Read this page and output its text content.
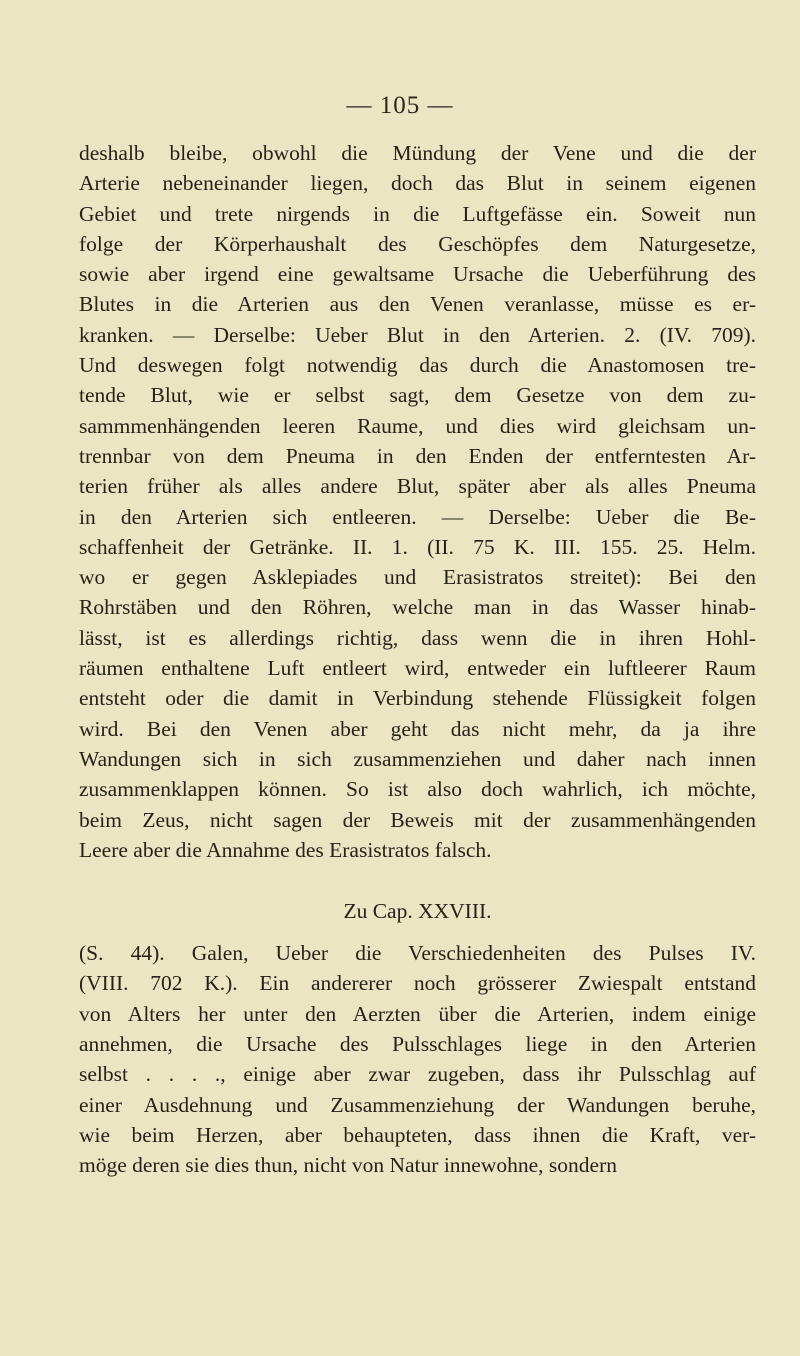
— 105 —

deshalb bleibe, obwohl die Mündung der Vene und die der
Arterie nebeneinander liegen, doch das Blut in seinem eigenen
Gebiet und trete nirgends in die Luftgefässe ein. Soweit nun
folge der Körperhaushalt des Geschöpfes dem Naturgesetze,
sowie aber irgend eine gewaltsame Ursache die Ueberführung des
Blutes in die Arterien aus den Venen veranlasse, müsse es er-
kranken. — Derselbe: Ueber Blut in den Arterien. 2. (IV. 709).
Und deswegen folgt notwendig das durch die Anastomosen tre-
tende Blut, wie er selbst sagt, dem Gesetze von dem zu-
sammmenhängenden leeren Raume, und dies wird gleichsam un-
trennbar von dem Pneuma in den Enden der entferntesten Ar-
terien früher als alles andere Blut, später aber als alles Pneuma
in den Arterien sich entleeren. — Derselbe: Ueber die Be-
schaffenheit der Getränke. II. 1. (II. 75 K. III. 155. 25. Helm.
wo er gegen Asklepiades und Erasistratos streitet): Bei den
Rohrstäben und den Röhren, welche man in das Wasser hinab-
lässt, ist es allerdings richtig, dass wenn die in ihren Hohl-
räumen enthaltene Luft entleert wird, entweder ein luftleerer Raum
entsteht oder die damit in Verbindung stehende Flüssigkeit folgen
wird. Bei den Venen aber geht das nicht mehr, da ja ihre
Wandungen sich in sich zusammenziehen und daher nach innen
zusammenklappen können. So ist also doch wahrlich, ich möchte,
beim Zeus, nicht sagen der Beweis mit der zusammenhängenden
Leere aber die Annahme des Erasistratos falsch.

Zu Cap. XXVIII.

(S. 44). Galen, Ueber die Verschiedenheiten des Pulses IV.
(VIII. 702 K.). Ein andererer noch grösserer Zwiespalt entstand
von Alters her unter den Aerzten über die Arterien, indem einige
annehmen, die Ursache des Pulsschlages liege in den Arterien
selbst . . . ., einige aber zwar zugeben, dass ihr Pulsschlag auf
einer Ausdehnung und Zusammenziehung der Wandungen beruhe,
wie beim Herzen, aber behaupteten, dass ihnen die Kraft, ver-
möge deren sie dies thun, nicht von Natur innewohne, sondern
